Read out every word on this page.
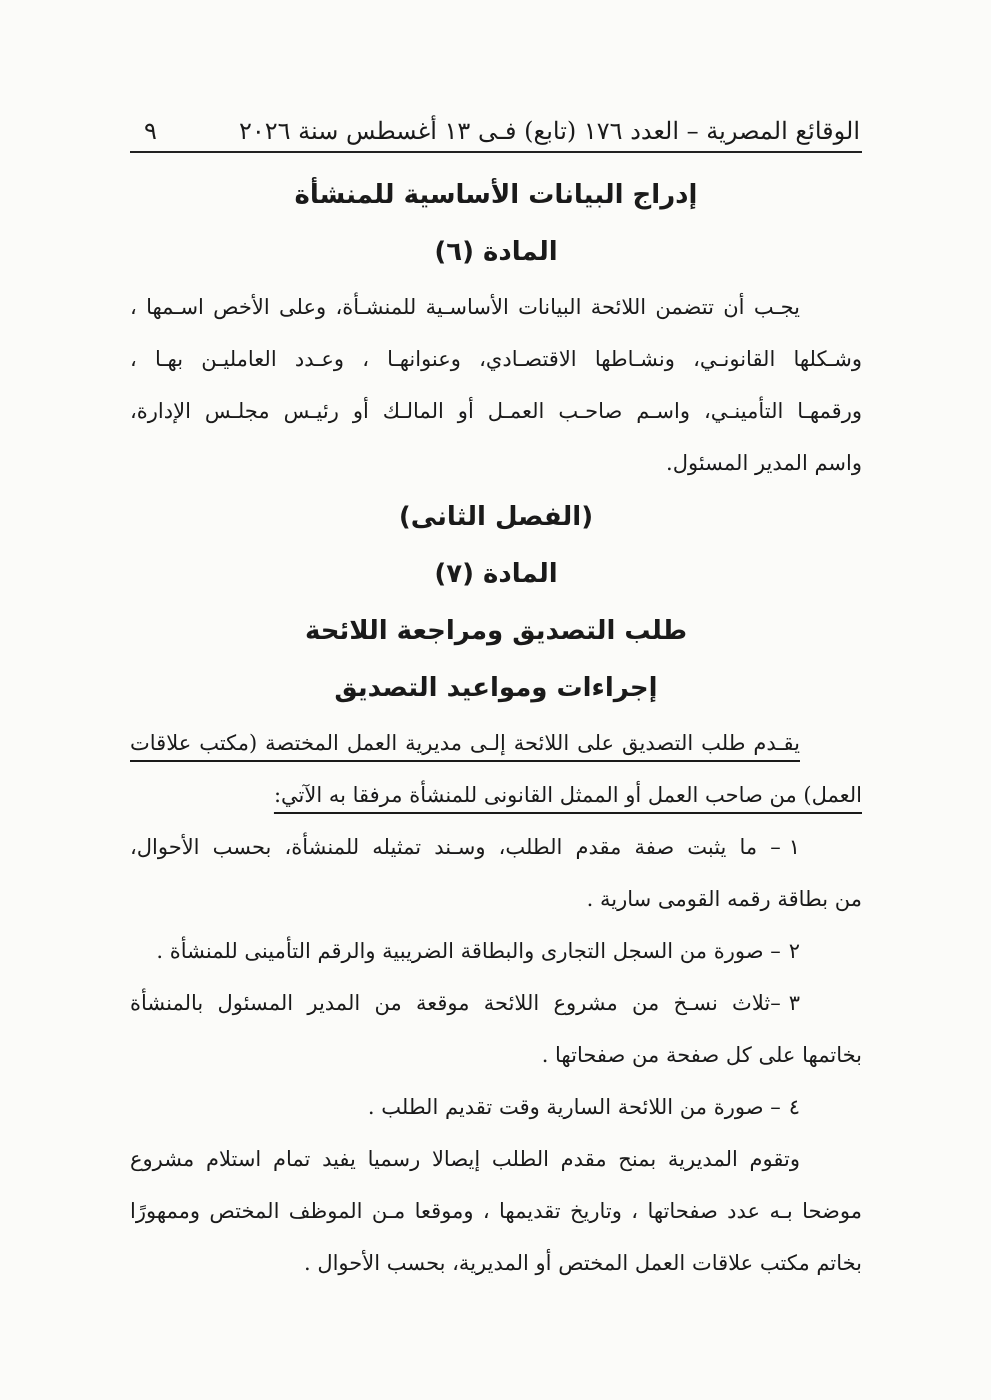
الوقائع المصرية – العدد ١٧٦ (تابع) فـى ١٣ أغسطس سنة ٢٠٢٦
٩
إدراج البيانات الأساسية للمنشأة
المادة (٦)
يجـب أن تتضمن اللائحة البيانات الأساسـية للمنشـأة، وعلى الأخص اسـمها ،
وشـكلها القانونـي، ونشـاطها الاقتصـادي، وعنوانهـا ، وعـدد العامليـن بهـا ،
ورقمهـا التأمينـي، واسـم صاحـب العمـل أو المالـك أو رئيـس مجلـس الإدارة،
واسم المدير المسئول.
(الفصل الثانى)
المادة (٧)
طلب التصديق ومراجعة اللائحة
إجراءات ومواعيد التصديق
يقـدم طلب التصديق على اللائحة إلـى مديرية العمل المختصة (مكتب علاقات
العمل) من صاحب العمل أو الممثل القانونى للمنشأة مرفقا به الآتي:
١– ما يثبت صفة مقدم الطلب، وسـند تمثيله للمنشأة، بحسب الأحوال،
من بطاقة رقمه القومى سارية .
٢– صورة من السجل التجارى والبطاقة الضريبية والرقم التأمينى للمنشأة .
٣–ثلاث نسـخ من مشروع اللائحة موقعة من المدير المسئول بالمنشأة
بخاتمها على كل صفحة من صفحاتها .
٤– صورة من اللائحة السارية وقت تقديم الطلب .
وتقوم المديرية بمنح مقدم الطلب إيصالا رسميا يفيد تمام استلام مشروع
موضحا بـه عدد صفحاتها ، وتاريخ تقديمها ، وموقعا مـن الموظف المختص وممهورًا
بخاتم مكتب علاقات العمل المختص أو المديرية، بحسب الأحوال .
